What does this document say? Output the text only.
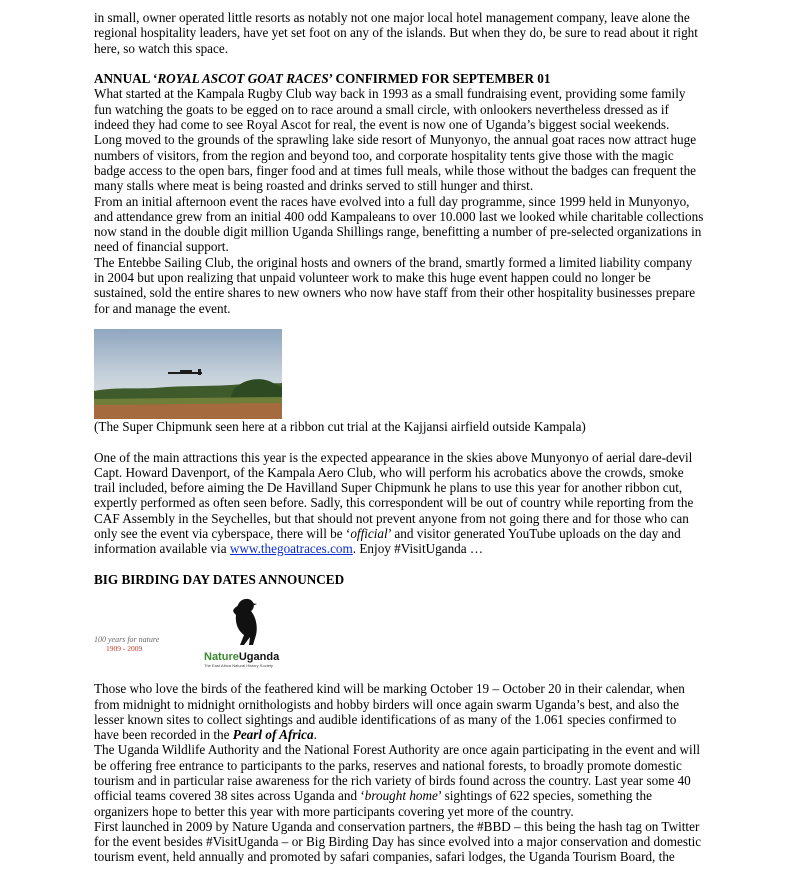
in small, owner operated little resorts as notably not one major local hotel management company, leave alone the regional hospitality leaders, have yet set foot on any of the islands. But when they do, be sure to read about it right here, so watch this space.

ANNUAL ‘ROYAL ASCOT GOAT RACES’ CONFIRMED FOR SEPTEMBER 01

What started at the Kampala Rugby Club way back in 1993 as a small fundraising event, providing some family fun watching the goats to be egged on to race around a small circle, with onlookers nevertheless dressed as if indeed they had come to see Royal Ascot for real, the event is now one of Uganda’s biggest social weekends.

Long moved to the grounds of the sprawling lake side resort of Munyonyo, the annual goat races now attract huge numbers of visitors, from the region and beyond too, and corporate hospitality tents give those with the magic badge access to the open bars, finger food and at times full meals, while those without the badges can frequent the many stalls where meat is being roasted and drinks served to still hunger and thirst.

From an initial afternoon event the races have evolved into a full day programme, since 1999 held in Munyonyo, and attendance grew from an initial 400 odd Kampaleans to over 10.000 last we looked while charitable collections now stand in the double digit million Uganda Shillings range, benefitting a number of pre-selected organizations in need of financial support.

The Entebbe Sailing Club, the original hosts and owners of the brand, smartly formed a limited liability company in 2004 but upon realizing that unpaid volunteer work to make this huge event happen could no longer be sustained, sold the entire shares to new owners who now have staff from their other hospitality businesses prepare for and manage the event.

(The Super Chipmunk seen here at a ribbon cut trial at the Kajjansi airfield outside Kampala)

One of the main attractions this year is the expected appearance in the skies above Munyonyo of aerial dare-devil Capt. Howard Davenport, of the Kampala Aero Club, who will perform his acrobatics above the crowds, smoke trail included, before aiming the De Havilland Super Chipmunk he plans to use this year for another ribbon cut, expertly performed as often seen before. Sadly, this correspondent will be out of country while reporting from the CAF Assembly in the Seychelles, but that should not prevent anyone from not going there and for those who can only see the event via cyberspace, there will be ‘official’ and visitor generated YouTube uploads on the day and information available via www.thegoatraces.com. Enjoy #VisitUganda …

BIG BIRDING DAY DATES ANNOUNCED
100 years for nature
1909 - 2009
NatureUganda
The East Africa Natural History Society

Those who love the birds of the feathered kind will be marking October 19 – October 20 in their calendar, when from midnight to midnight ornithologists and hobby birders will once again swarm Uganda’s best, and also the lesser known sites to collect sightings and audible identifications of as many of the 1.061 species confirmed to have been recorded in the Pearl of Africa.

The Uganda Wildlife Authority and the National Forest Authority are once again participating in the event and will be offering free entrance to participants to the parks, reserves and national forests, to broadly promote domestic tourism and in particular raise awareness for the rich variety of birds found across the country. Last year some 40 official teams covered 38 sites across Uganda and ‘brought home’ sightings of 622 species, something the organizers hope to better this year with more participants covering yet more of the country.

First launched in 2009 by Nature Uganda and conservation partners, the #BBD – this being the hash tag on Twitter for the event besides #VisitUganda – or Big Birding Day has since evolved into a major conservation and domestic tourism event, held annually and promoted by safari companies, safari lodges, the Uganda Tourism Board, the
